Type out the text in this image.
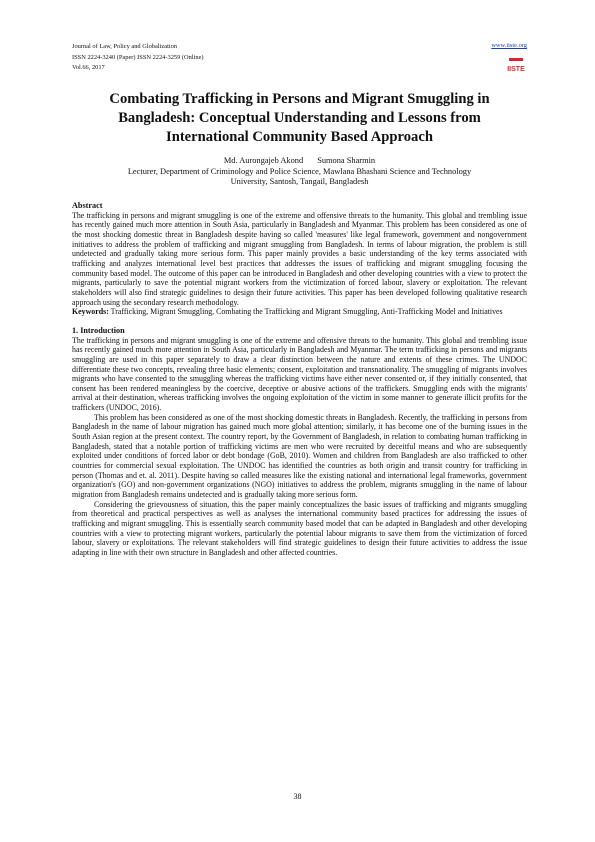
Journal of Law, Policy and Globalization
ISSN 2224-3240 (Paper) ISSN 2224-3259 (Online)
Vol.66, 2017
www.iiste.org
IISTE
Combating Trafficking in Persons and Migrant Smuggling in
Bangladesh: Conceptual Understanding and Lessons from
International Community Based Approach
Md. Aurongajeb Akond Sumona Sharmin
Lecturer, Department of Criminology and Police Science, Mawlana Bhashani Science and Technology
University, Santosh, Tangail, Bangladesh

Abstract

The trafficking in persons and migrant smuggling is one of the extreme and offensive threats to the humanity. This global and trembling issue has recently gained much more attention in South Asia, particularly in Bangladesh and Myanmar. This problem has been considered as one of the most shocking domestic threat in Bangladesh despite having so called 'measures' like legal framework, government and nongovernment initiatives to address the problem of trafficking and migrant smuggling from Bangladesh. In terms of labour migration, the problem is still undetected and gradually taking more serious form. This paper mainly provides a basic understanding of the key terms associated with trafficking and analyzes international level best practices that addresses the issues of trafficking and migrant smuggling focusing the community based model. The outcome of this paper can be introduced in Bangladesh and other developing countries with a view to protect the migrants, particularly to save the potential migrant workers from the victimization of forced labour, slavery or exploitation. The relevant stakeholders will also find strategic guidelines to design their future activities. This paper has been developed following qualitative research approach using the secondary research methodology.

Keywords: Trafficking, Migrant Smuggling, Combating the Trafficking and Migrant Smuggling, Anti-Trafficking Model and Initiatives

1. Introduction

The trafficking in persons and migrant smuggling is one of the extreme and offensive threats to the humanity. This global and trembling issue has recently gained much more attention in South Asia, particularly in Bangladesh and Myanmar. The term trafficking in persons and migrants smuggling are used in this paper separately to draw a clear distinction between the nature and extents of these crimes. The UNDOC differentiate these two concepts, revealing three basic elements; consent, exploitation and transnationality. The smuggling of migrants involves migrants who have consented to the smuggling whereas the trafficking victims have either never consented or, if they initially consented, that consent has been rendered meaningless by the coercive, deceptive or abusive actions of the traffickers. Smuggling ends with the migrants' arrival at their destination, whereas trafficking involves the ongoing exploitation of the victim in some manner to generate illicit profits for the traffickers (UNDOC, 2016).

This problem has been considered as one of the most shocking domestic threats in Bangladesh. Recently, the trafficking in persons from Bangladesh in the name of labour migration has gained much more global attention; similarly, it has become one of the burning issues in the South Asian region at the present context. The country report, by the Government of Bangladesh, in relation to combating human trafficking in Bangladesh, stated that a notable portion of trafficking victims are men who were recruited by deceitful means and who are subsequently exploited under conditions of forced labor or debt bondage (GoB, 2010). Women and children from Bangladesh are also trafficked to other countries for commercial sexual exploitation. The UNDOC has identified the countries as both origin and transit country for trafficking in person (Thomas and et. al. 2011). Despite having so called measures like the existing national and international legal frameworks, government organization's (GO) and non-government organizations (NGO) initiatives to address the problem, migrants smuggling in the name of labour migration from Bangladesh remains undetected and is gradually taking more serious form.

Considering the grievousness of situation, this the paper mainly conceptualizes the basic issues of trafficking and migrants smuggling from theoretical and practical perspectives as well as analyses the international community based practices for addressing the issues of trafficking and migrant smuggling. This is essentially search community based model that can be adapted in Bangladesh and other developing countries with a view to protecting migrant workers, particularly the potential labour migrants to save them from the victimization of forced labour, slavery or exploitations. The relevant stakeholders will find strategic guidelines to design their future activities to address the issue adapting in line with their own structure in Bangladesh and other affected countries.

38
